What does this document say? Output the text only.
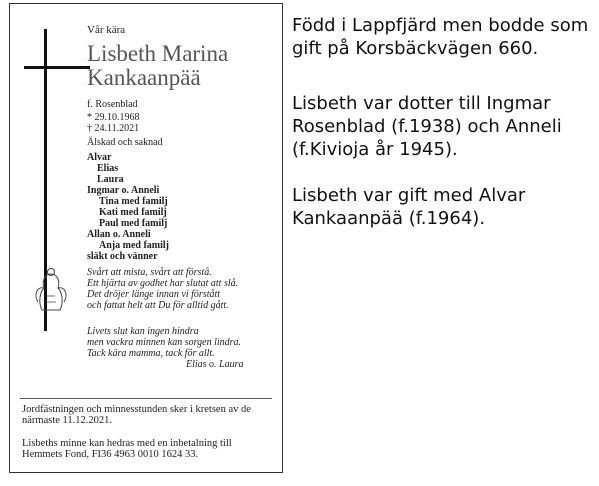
Vår kära
Lisbeth Marina
Kankaanpää
f. Rosenblad
* 29.10.1968
† 24.11.2021
Älskad och saknad
Alvar
Elias
Laura
Ingmar o. Anneli
Tina med familj
Kati med familj
Paul med familj
Allan o. Anneli
Anja med familj
släkt och vänner
Svårt att mista, svårt att förstå.
Ett hjärta av godhet har slutat att slå.
Det dröjer länge innan vi förstått
och fattat helt att Du för alltid gått.
Livets slut kan ingen hindra
men vackra minnen kan sorgen lindra.
Tack kära mamma, tack för allt.
Elias o. Laura
Jordfästningen och minnesstunden sker i kretsen av de
närmaste 11.12.2021.
Lisbeths minne kan hedras med en inbetalning till
Hemmets Fond, FI36 4963 0010 1624 33.
Född i Lappfjärd men bodde som
gift på Korsbäckvägen 660.
Lisbeth var dotter till Ingmar
Rosenblad (f.1938) och Anneli
(f.Kivioja år 1945).
Lisbeth var gift med Alvar
Kankaanpää (f.1964).
